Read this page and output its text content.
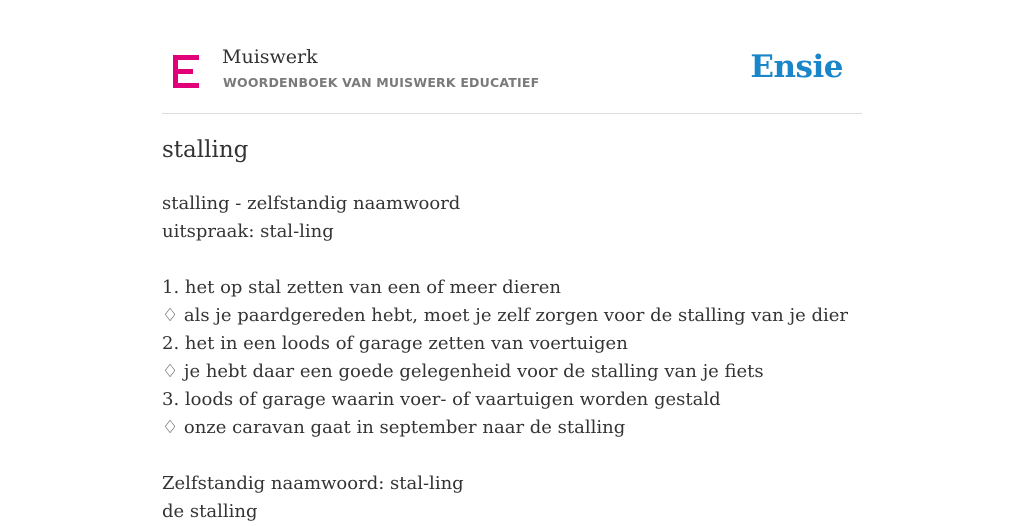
Muiswerk
WOORDENBOEK VAN MUISWERK EDUCATIEF	Ensie
stalling
stalling - zelfstandig naamwoord
uitspraak: stal-ling
1. het op stal zetten van een of meer dieren
♢ als je paardgereden hebt, moet je zelf zorgen voor de stalling van je dier
2. het in een loods of garage zetten van voertuigen
♢ je hebt daar een goede gelegenheid voor de stalling van je fiets
3. loods of garage waarin voer- of vaartuigen worden gestald
♢ onze caravan gaat in september naar de stalling
Zelfstandig naamwoord: stal-ling
de stalling
